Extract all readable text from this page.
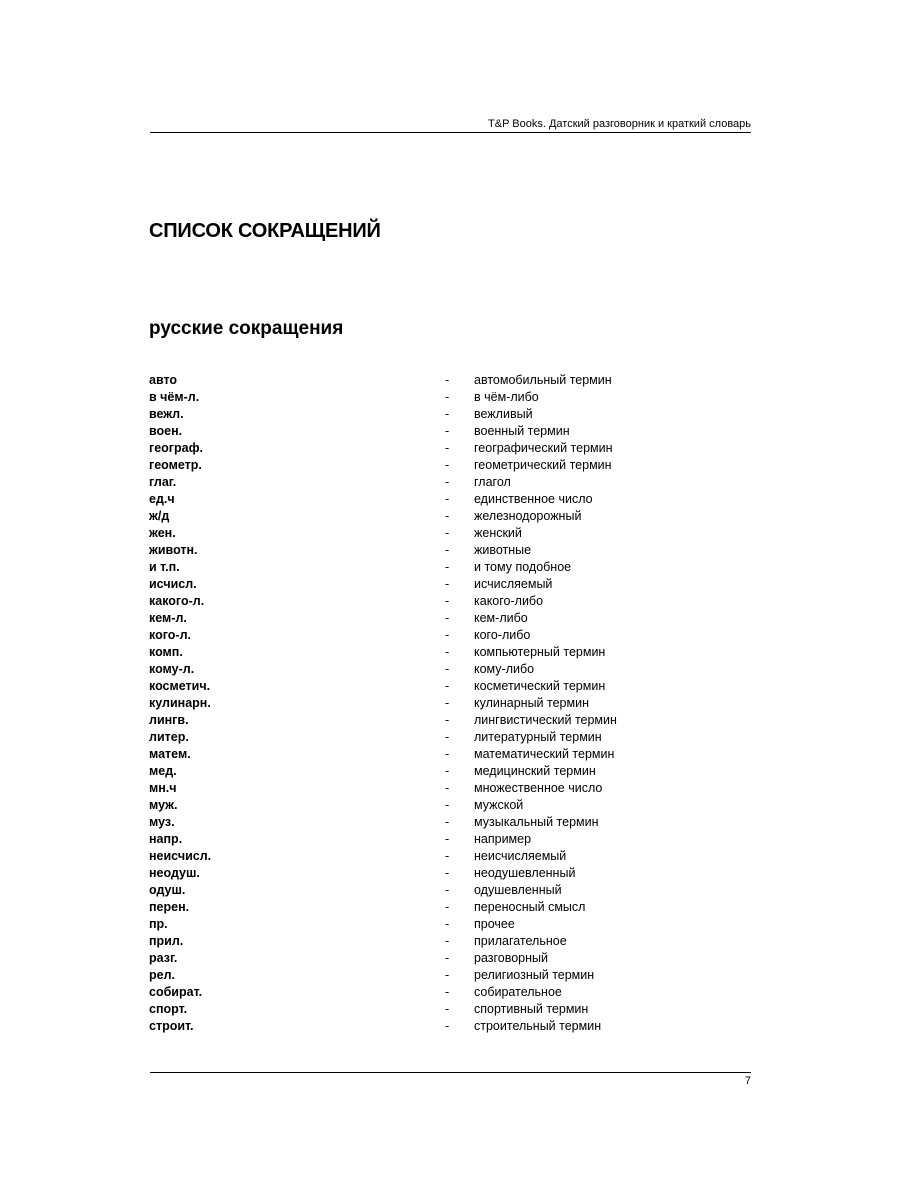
T&P Books. Датский разговорник и краткий словарь
СПИСОК СОКРАЩЕНИЙ
русские сокращения
авто	- автомобильный термин
в чём-л.	- в чём-либо
вежл.	- вежливый
воен.	- военный термин
географ.	- географический термин
геометр.	- геометрический термин
глаг.	- глагол
ед.ч	- единственное число
ж/д	- железнодорожный
жен.	- женский
животн.	- животные
и т.п.	- и тому подобное
исчисл.	- исчисляемый
какого-л.	- какого-либо
кем-л.	- кем-либо
кого-л.	- кого-либо
комп.	- компьютерный термин
кому-л.	- кому-либо
косметич.	- косметический термин
кулинарн.	- кулинарный термин
лингв.	- лингвистический термин
литер.	- литературный термин
матем.	- математический термин
мед.	- медицинский термин
мн.ч	- множественное число
муж.	- мужской
муз.	- музыкальный термин
напр.	- например
неисчисл.	- неисчисляемый
неодуш.	- неодушевленный
одуш.	- одушевленный
перен.	- переносный смысл
пр.	- прочее
прил.	- прилагательное
разг.	- разговорный
рел.	- религиозный термин
собират.	- собирательное
спорт.	- спортивный термин
строит.	- строительный термин
7
